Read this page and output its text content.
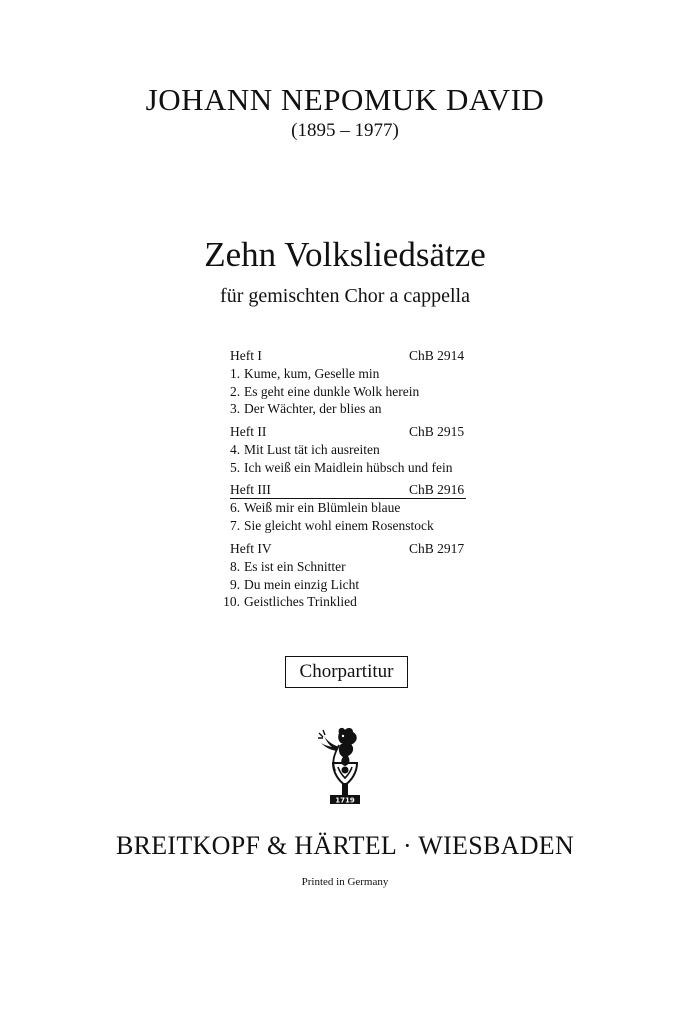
JOHANN NEPOMUK DAVID
(1895 – 1977)
Zehn Volksliedsätze
für gemischten Chor a cappella
Heft I	ChB 2914
1. Kume, kum, Geselle min
2. Es geht eine dunkle Wolk herein
3. Der Wächter, der blies an
Heft II	ChB 2915
4. Mit Lust tät ich ausreiten
5. Ich weiß ein Maidlein hübsch und fein
Heft III	ChB 2916
6. Weiß mir ein Blümlein blaue
7. Sie gleicht wohl einem Rosenstock
Heft IV	ChB 2917
8. Es ist ein Schnitter
9. Du mein einzig Licht
10. Geistliches Trinklied
Chorpartitur
1719
BREITKOPF & HÄRTEL · WIESBADEN
Printed in Germany
